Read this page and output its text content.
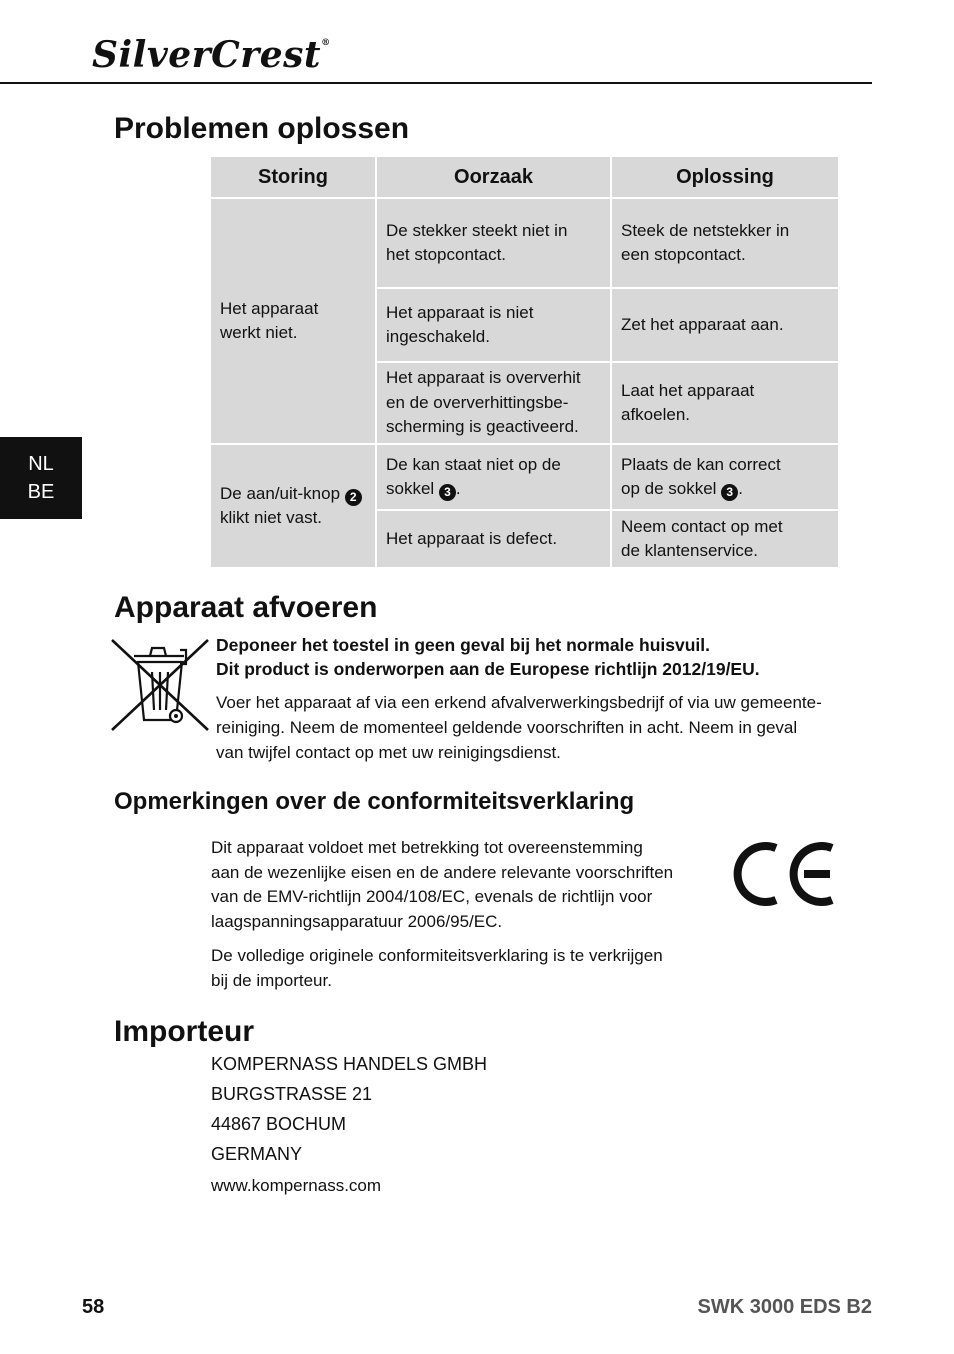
SilverCrest®
NL
BE
Problemen oplossen
Storing	Oorzaak	Oplossing
Het apparaat werkt niet.	De stekker steekt niet in het stopcontact.	Steek de netstekker in een stopcontact.
	Het apparaat is niet ingeschakeld.	Zet het apparaat aan.
	Het apparaat is oververhit en de oververhittingsbe-scherming is geactiveerd.	Laat het apparaat afkoelen.
De aan/uit-knop 2 klikt niet vast.	De kan staat niet op de sokkel 3 .	Plaats de kan correct op de sokkel 3 .
	Het apparaat is defect.	Neem contact op met de klantenservice.
Apparaat afvoeren
Deponeer het toestel in geen geval bij het normale huisvuil.
Dit product is onderworpen aan de Europese richtlijn 2012/19/EU.
Voer het apparaat af via een erkend afvalverwerkingsbedrijf of via uw gemeente-
reiniging. Neem de momenteel geldende voorschriften in acht. Neem in geval
van twijfel contact op met uw reinigingsdienst.
Opmerkingen over de conformiteitsverklaring
Dit apparaat voldoet met betrekking tot overeenstemming
aan de wezenlijke eisen en de andere relevante voorschriften
van de EMV-richtlijn 2004/108/EC, evenals de richtlijn voor
laagspanningsapparatuur 2006/95/EC.
De volledige originele conformiteitsverklaring is te verkrijgen
bij de importeur.
Importeur
KOMPERNASS HANDELS GMBH
BURGSTRASSE 21
44867 BOCHUM
GERMANY
www.kompernass.com
58	SWK 3000 EDS B2
